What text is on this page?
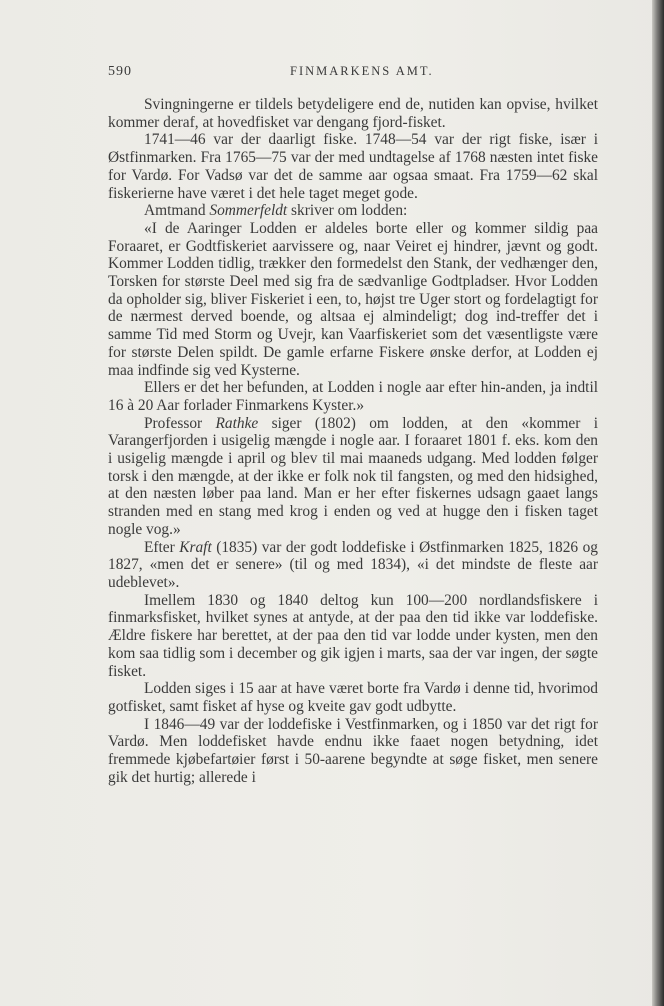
590	FINMARKENS AMT.

Svingningerne er tildels betydeligere end de, nutiden kan opvise, hvilket kommer deraf, at hovedfisket var dengang fjord-fisket.

1741—46 var der daarligt fiske. 1748—54 var der rigt fiske, især i Østfinmarken. Fra 1765—75 var der med undtagelse af 1768 næsten intet fiske for Vardø. For Vadsø var det de samme aar ogsaa smaat. Fra 1759—62 skal fiskerierne have været i det hele taget meget gode.

Amtmand Sommerfeldt skriver om lodden:

«I de Aaringer Lodden er aldeles borte eller og kommer sildig paa Foraaret, er Godtfiskeriet aarvissere og, naar Veiret ej hindrer, jævnt og godt. Kommer Lodden tidlig, trækker den formedelst den Stank, der vedhænger den, Torsken for største Deel med sig fra de sædvanlige Godtpladser. Hvor Lodden da opholder sig, bliver Fiskeriet i een, to, højst tre Uger stort og fordelagtigt for de nærmest derved boende, og altsaa ej almindeligt; dog ind-treffer det i samme Tid med Storm og Uvejr, kan Vaarfiskeriet som det væsentligste være for største Delen spildt. De gamle erfarne Fiskere ønske derfor, at Lodden ej maa indfinde sig ved Kysterne.

Ellers er det her befunden, at Lodden i nogle aar efter hin-anden, ja indtil 16 à 20 Aar forlader Finmarkens Kyster.»

Professor Rathke siger (1802) om lodden, at den «kommer i Varangerfjorden i usigelig mængde i nogle aar. I foraaret 1801 f. eks. kom den i usigelig mængde i april og blev til mai maaneds udgang. Med lodden følger torsk i den mængde, at der ikke er folk nok til fangsten, og med den hidsighed, at den næsten løber paa land. Man er her efter fiskernes udsagn gaaet langs stranden med en stang med krog i enden og ved at hugge den i fisken taget nogle vog.»

Efter Kraft (1835) var der godt loddefiske i Østfinmarken 1825, 1826 og 1827, «men det er senere» (til og med 1834), «i det mindste de fleste aar udeblevet».

Imellem 1830 og 1840 deltog kun 100—200 nordlandsfiskere i finmarksfisket, hvilket synes at antyde, at der paa den tid ikke var loddefiske. Ældre fiskere har berettet, at der paa den tid var lodde under kysten, men den kom saa tidlig som i december og gik igjen i marts, saa der var ingen, der søgte fisket.

Lodden siges i 15 aar at have været borte fra Vardø i denne tid, hvorimod gotfisket, samt fisket af hyse og kveite gav godt udbytte.

I 1846—49 var der loddefiske i Vestfinmarken, og i 1850 var det rigt for Vardø. Men loddefisket havde endnu ikke faaet nogen betydning, idet fremmede kjøbefartøier først i 50-aarene begyndte at søge fisket, men senere gik det hurtig; allerede i
